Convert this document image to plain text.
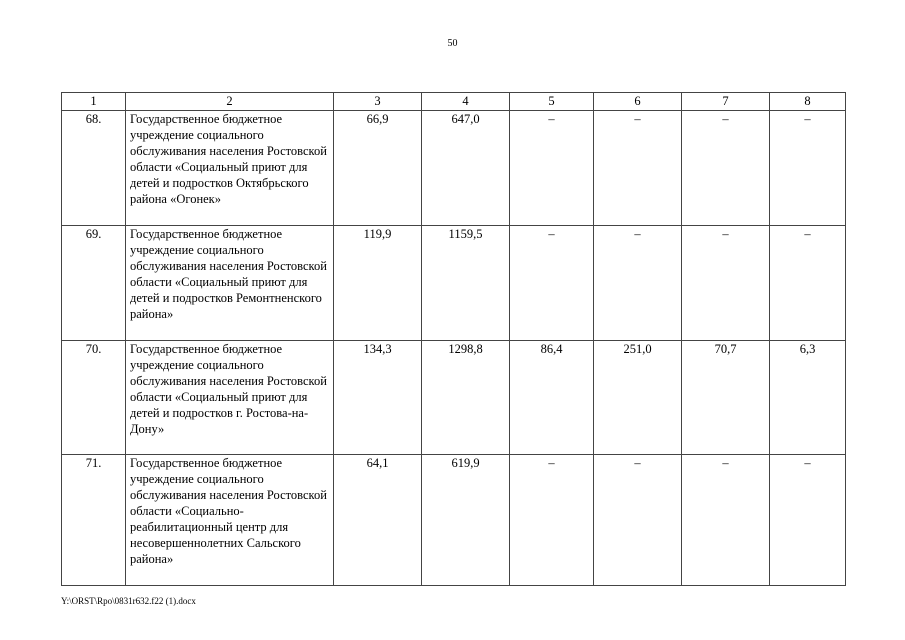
50
1	2	3	4	5	6	7	8
68.	Государственное бюджетное учреждение социального обслуживания населения Ростовской области «Социальный приют для детей и подростков Октябрьского района «Огонек»	66,9	647,0	–	–	–	–
69.	Государственное бюджетное учреждение социального обслуживания населения Ростовской области «Социальный приют для детей и подростков Ремонтненского района»	119,9	1159,5	–	–	–	–
70.	Государственное бюджетное учреждение социального обслуживания населения Ростовской области «Социальный приют для детей и подростков г. Ростова-на-Дону»	134,3	1298,8	86,4	251,0	70,7	6,3
71.	Государственное бюджетное учреждение социального обслуживания населения Ростовской области «Социально-реабилитационный центр для несовершеннолетних Сальского района»	64,1	619,9	–	–	–	–
Y:\ORST\Rpo\0831r632.f22 (1).docx
